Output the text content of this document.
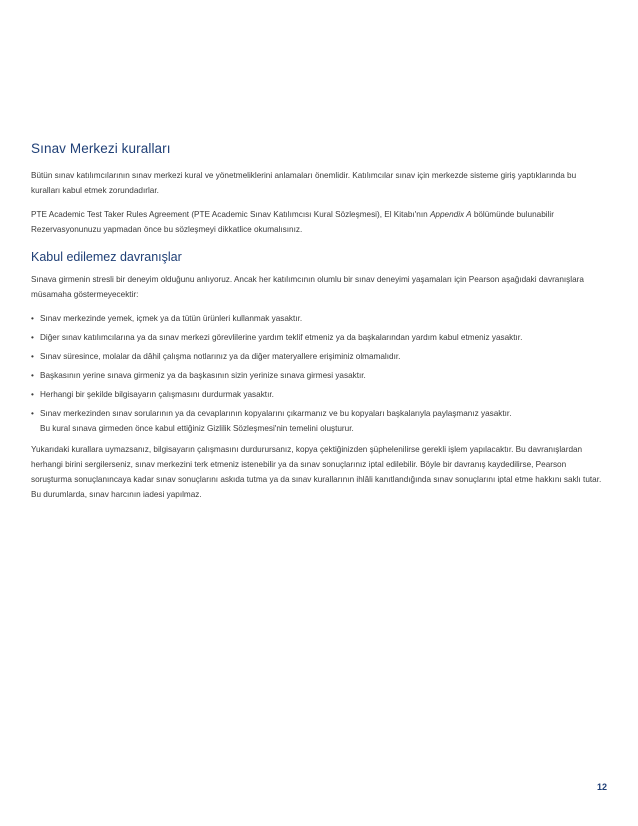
Sınav Merkezi kuralları

Bütün sınav katılımcılarının sınav merkezi kural ve yönetmeliklerini anlamaları önemlidir. Katılımcılar sınav için merkezde sisteme giriş yaptıklarında bu kuralları kabul etmek zorundadırlar.

PTE Academic Test Taker Rules Agreement (PTE Academic Sınav Katılımcısı Kural Sözleşmesi), El Kitabı'nın Appendix A bölümünde bulunabilir Rezervasyonunuzu yapmadan önce bu sözleşmeyi dikkatlice okumalısınız.

Kabul edilemez davranışlar

Sınava girmenin stresli bir deneyim olduğunu anlıyoruz. Ancak her katılımcının olumlu bir sınav deneyimi yaşamaları için Pearson aşağıdaki davranışlara müsamaha göstermeyecektir:

• Sınav merkezinde yemek, içmek ya da tütün ürünleri kullanmak yasaktır.
• Diğer sınav katılımcılarına ya da sınav merkezi görevlilerine yardım teklif etmeniz ya da başkalarından yardım kabul etmeniz yasaktır.
• Sınav süresince, molalar da dâhil çalışma notlarınız ya da diğer materyallere erişiminiz olmamalıdır.
• Başkasının yerine sınava girmeniz ya da başkasının sizin yerinize sınava girmesi yasaktır.
• Herhangi bir şekilde bilgisayarın çalışmasını durdurmak yasaktır.
• Sınav merkezinden sınav sorularının ya da cevaplarının kopyalarını çıkarmanız ve bu kopyaları başkalarıyla paylaşmanız yasaktır.
Bu kural sınava girmeden önce kabul ettiğiniz Gizlilik Sözleşmesi'nin temelini oluşturur.

Yukarıdaki kurallara uymazsanız, bilgisayarın çalışmasını durdurursanız, kopya çektiğinizden şüphelenilirse gerekli işlem yapılacaktır. Bu davranışlardan herhangi birini sergilerseniz, sınav merkezini terk etmeniz istenebilir ya da sınav sonuçlarınız iptal edilebilir. Böyle bir davranış kaydedilirse, Pearson soruşturma sonuçlanıncaya kadar sınav sonuçlarını askıda tutma ya da sınav kurallarının ihlâli kanıtlandığında sınav sonuçlarını iptal etme hakkını saklı tutar. Bu durumlarda, sınav harcının iadesi yapılmaz.

12
